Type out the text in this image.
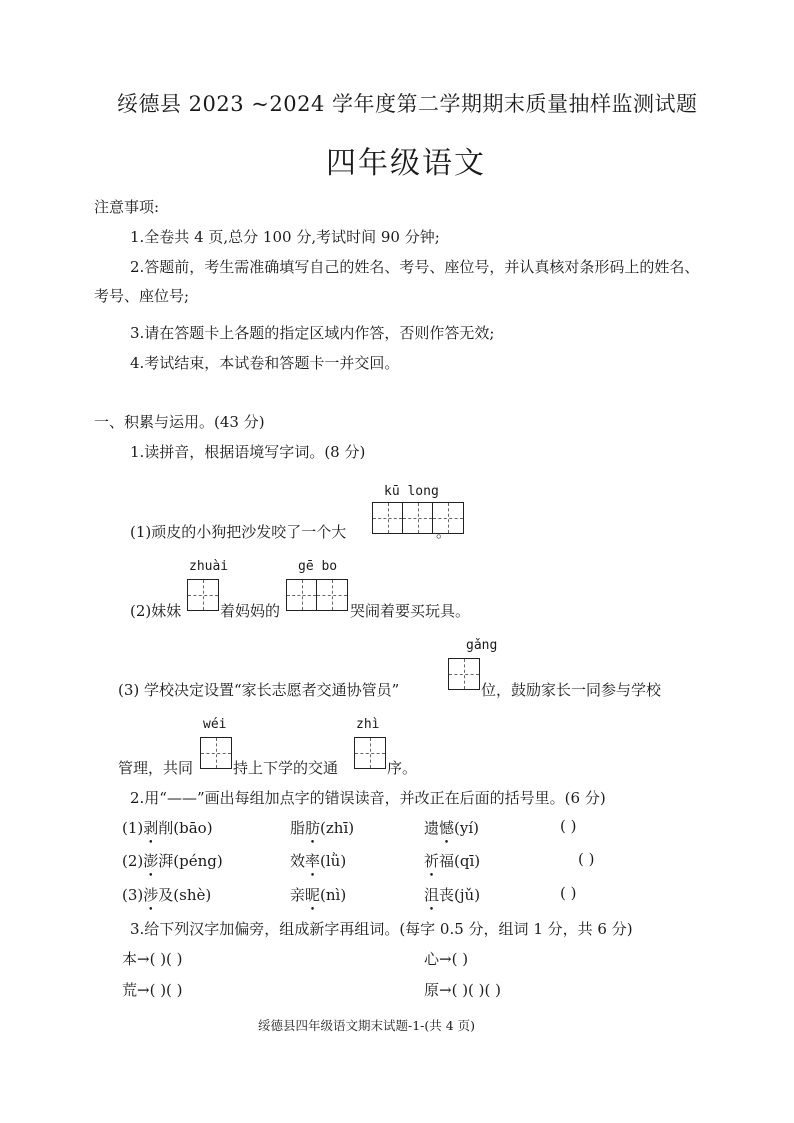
绥德县 2023 ~2024 学年度第二学期期末质量抽样监测试题
四年级语文
注意事项:
1.全卷共 4 页,总分 100 分,考试时间 90 分钟;
2.答题前，考生需准确填写自己的姓名、考号、座位号，并认真核对条形码上的姓名、
考号、座位号;
3.请在答题卡上各题的指定区域内作答，否则作答无效;
4.考试结束，本试卷和答题卡一并交回。
一、积累与运用。(43 分)
1.读拼音，根据语境写字词。(8 分)
kū long
(1)顽皮的小狗把沙发咬了一个大	。
zhuài	gē bo
(2)妹妹	着妈妈的	哭闹着要买玩具。
gǎng
(3) 学校决定设置“家长志愿者交通协管员”	位，鼓励家长一同参与学校
wéi	zhì
管理，共同	持上下学的交通	序。
2.用“——”画出每组加点字的错误读音，并改正在后面的括号里。(6 分)
(1)剥削(bāo)	脂肪(zhī)	遗憾(yí)	( )
(2)澎湃(péng)	效率(lǜ)	祈福(qī)	( )
(3)涉及(shè)	亲昵(nì)	沮丧(jǔ)	( )
3.给下列汉字加偏旁，组成新字再组词。(每字 0.5 分，组词 1 分，共 6 分)
本→( )( )	心→( )
荒→( )( )	原→( )( )( )
绥德县四年级语文期末试题-1-(共 4 页)
